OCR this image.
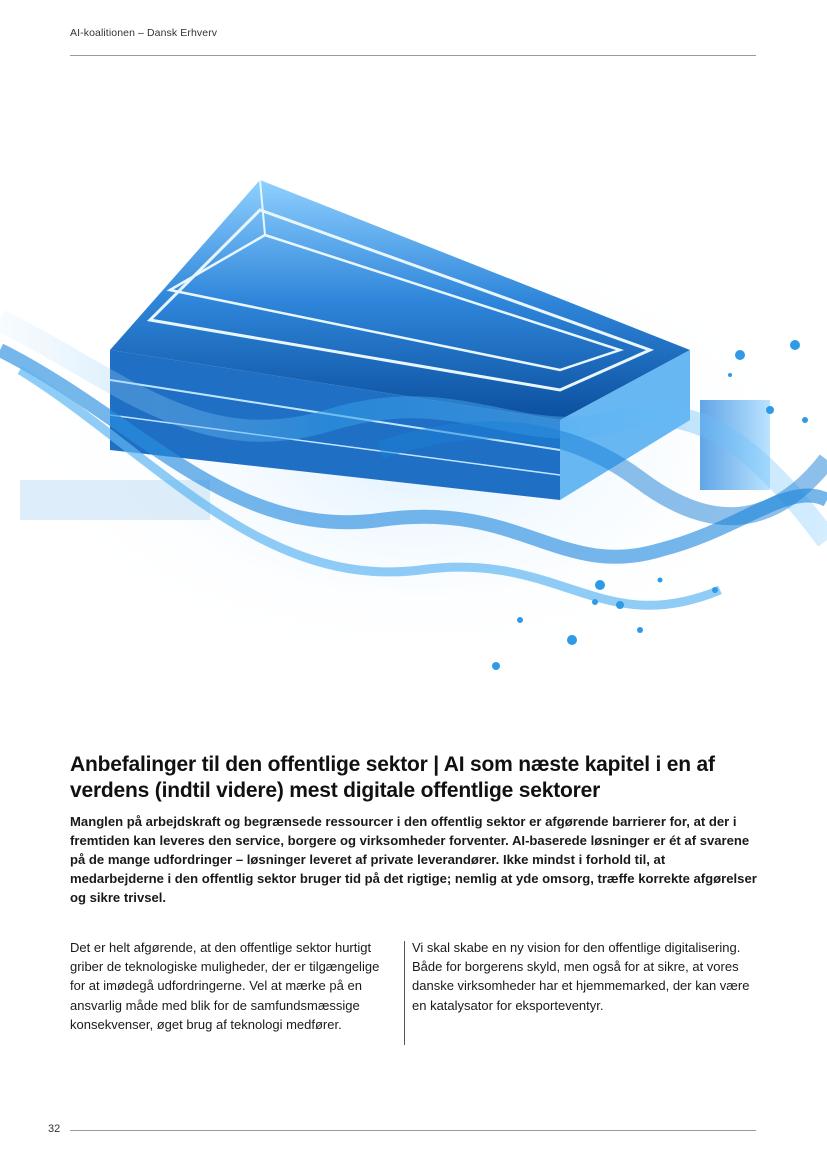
AI-koalitionen – Dansk Erhverv
Anbefalinger til den offentlige sektor | AI som næste kapitel i en af verdens (indtil videre) mest digitale offentlige sektorer

Manglen på arbejdskraft og begrænsede ressourcer i den offentlig sektor er afgørende barrierer for, at der i fremtiden kan leveres den service, borgere og virksomheder forventer. AI-baserede løsninger er ét af svarene på de mange udfordringer – løsninger leveret af private leverandører. Ikke mindst i forhold til, at medarbejderne i den offentlig sektor bruger tid på det rigtige; nemlig at yde omsorg, træffe korrekte afgørelser og sikre trivsel.

Det er helt afgørende, at den offentlige sektor hurtigt griber de teknologiske muligheder, der er tilgængelige for at imødegå udfordringerne. Vel at mærke på en ansvarlig måde med blik for de samfundsmæssige konsekvenser, øget brug af teknologi medfører.

Vi skal skabe en ny vision for den offentlige digitalisering. Både for borgerens skyld, men også for at sikre, at vores danske virksomheder har et hjemmemarked, der kan være en katalysator for eksporteventyr.

32
